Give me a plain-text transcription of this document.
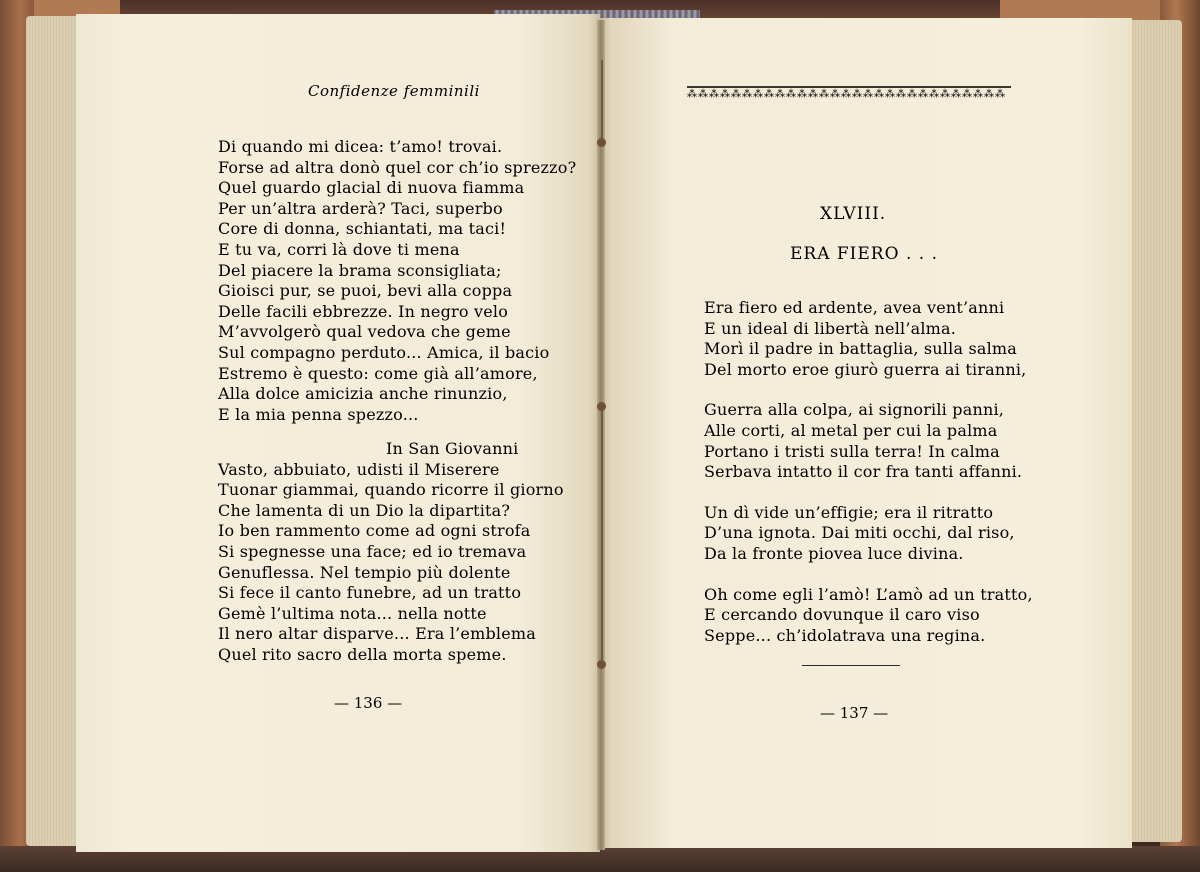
Confidenze femminili
Di quando mi dicea: t’amo! trovai.
Forse ad altra donò quel cor ch’io sprezzo?
Quel guardo glacial di nuova fiamma
Per un’altra arderà? Taci, superbo
Core di donna, schiantati, ma taci!
E tu va, corri là dove ti mena
Del piacere la brama sconsigliata;
Gioisci pur, se puoi, bevi alla coppa
Delle facili ebbrezze. In negro velo
M’avvolgerò qual vedova che geme
Sul compagno perduto... Amica, il bacio
Estremo è questo: come già all’amore,
Alla dolce amicizia anche rinunzio,
E la mia penna spezzo...
In San Giovanni
Vasto, abbuiato, udisti il Miserere
Tuonar giammai, quando ricorre il giorno
Che lamenta di un Dio la dipartita?
Io ben rammento come ad ogni strofa
Si spegnesse una face; ed io tremava
Genuflessa. Nel tempio più dolente
Si fece il canto funebre, ad un tratto
Gemè l’ultima nota... nella notte
Il nero altar disparve... Era l’emblema
Quel rito sacro della morta speme.
— 136 —
⁂⁂⁂⁂⁂⁂⁂⁂⁂⁂⁂⁂⁂⁂⁂⁂⁂⁂⁂⁂⁂⁂⁂⁂⁂⁂⁂⁂⁂
XLVIII.
ERA FIERO . . .
Era fiero ed ardente, avea vent’anni
E un ideal di libertà nell’alma.
Morì il padre in battaglia, sulla salma
Del morto eroe giurò guerra ai tiranni,
Guerra alla colpa, ai signorili panni,
Alle corti, al metal per cui la palma
Portano i tristi sulla terra! In calma
Serbava intatto il cor fra tanti affanni.
Un dì vide un’effigie; era il ritratto
D’una ignota. Dai miti occhi, dal riso,
Da la fronte piovea luce divina.
Oh come egli l’amò! L’amò ad un tratto,
E cercando dovunque il caro viso
Seppe... ch’idolatrava una regina.
— 137 —
